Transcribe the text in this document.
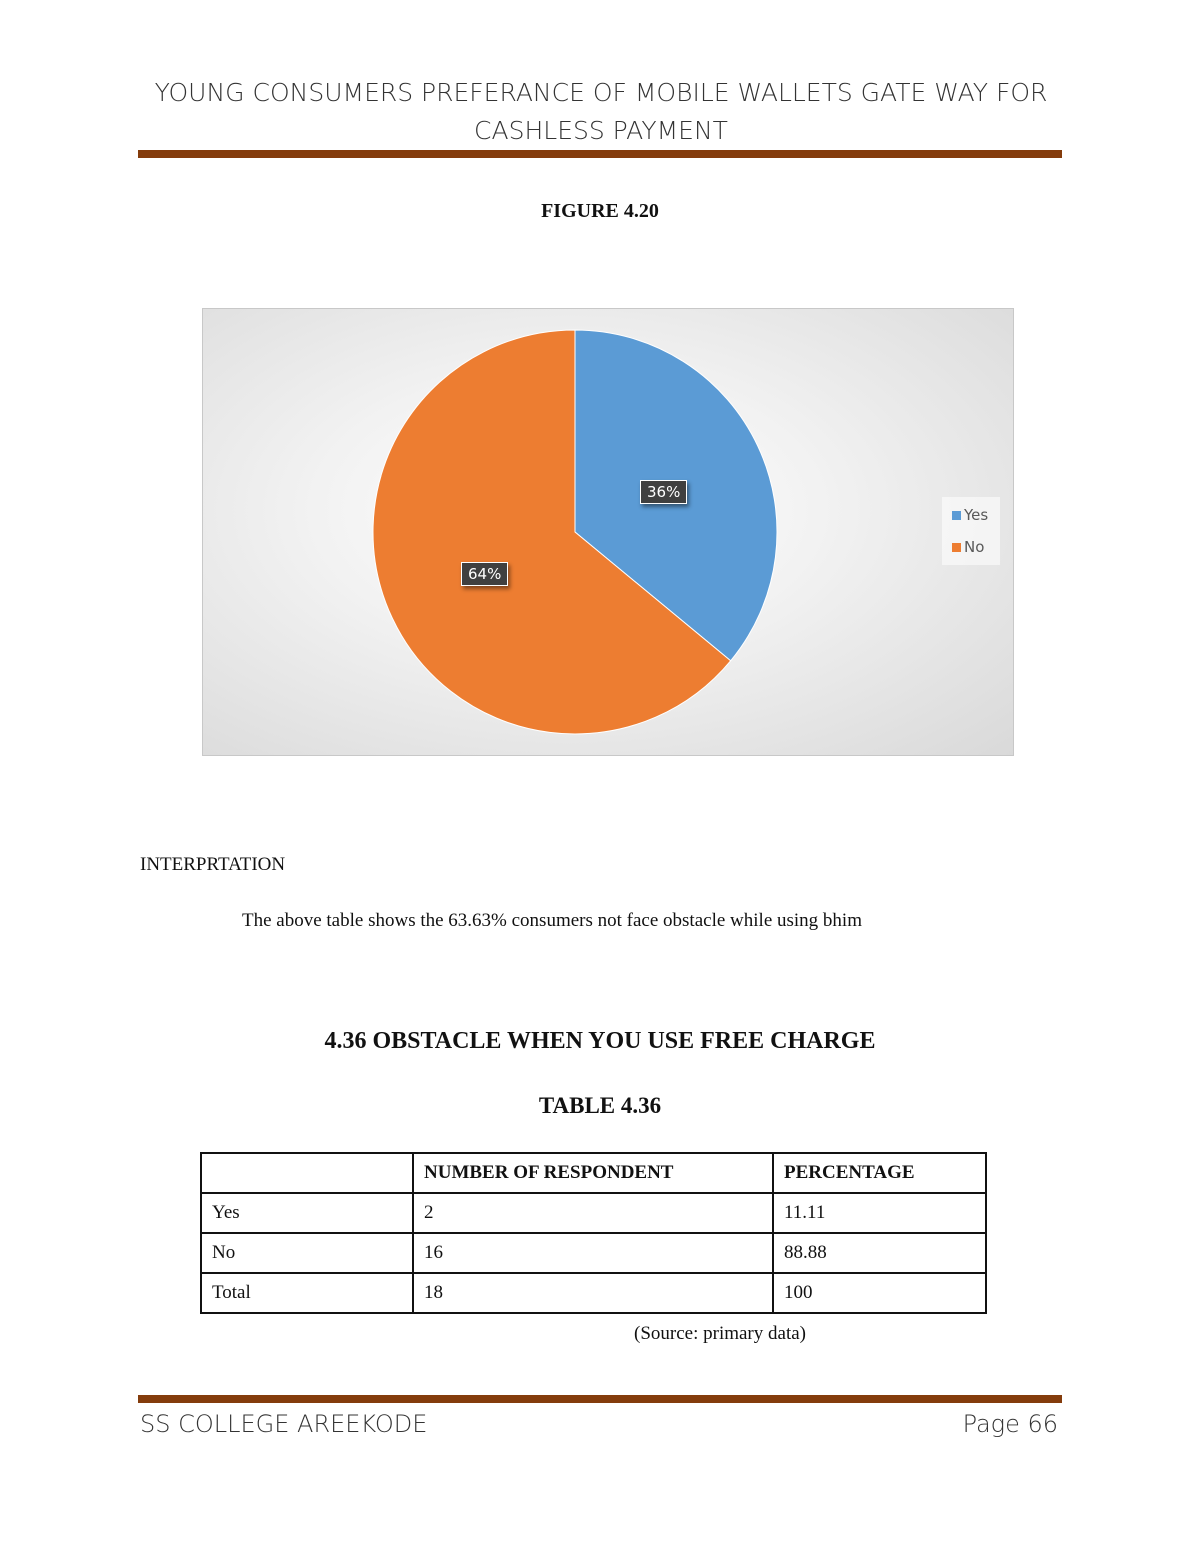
YOUNG CONSUMERS PREFERANCE OF MOBILE WALLETS GATE WAY FOR
CASHLESS PAYMENT
FIGURE 4.20
36%
64%
Yes
No
INTERPRTATION
The above table shows the 63.63% consumers not face obstacle while using bhim
4.36 OBSTACLE WHEN YOU USE FREE CHARGE
TABLE 4.36
	NUMBER OF RESPONDENT	PERCENTAGE
Yes	2	11.11
No	16	88.88
Total	18	100
(Source: primary data)
SS COLLEGE AREEKODE	Page 66
